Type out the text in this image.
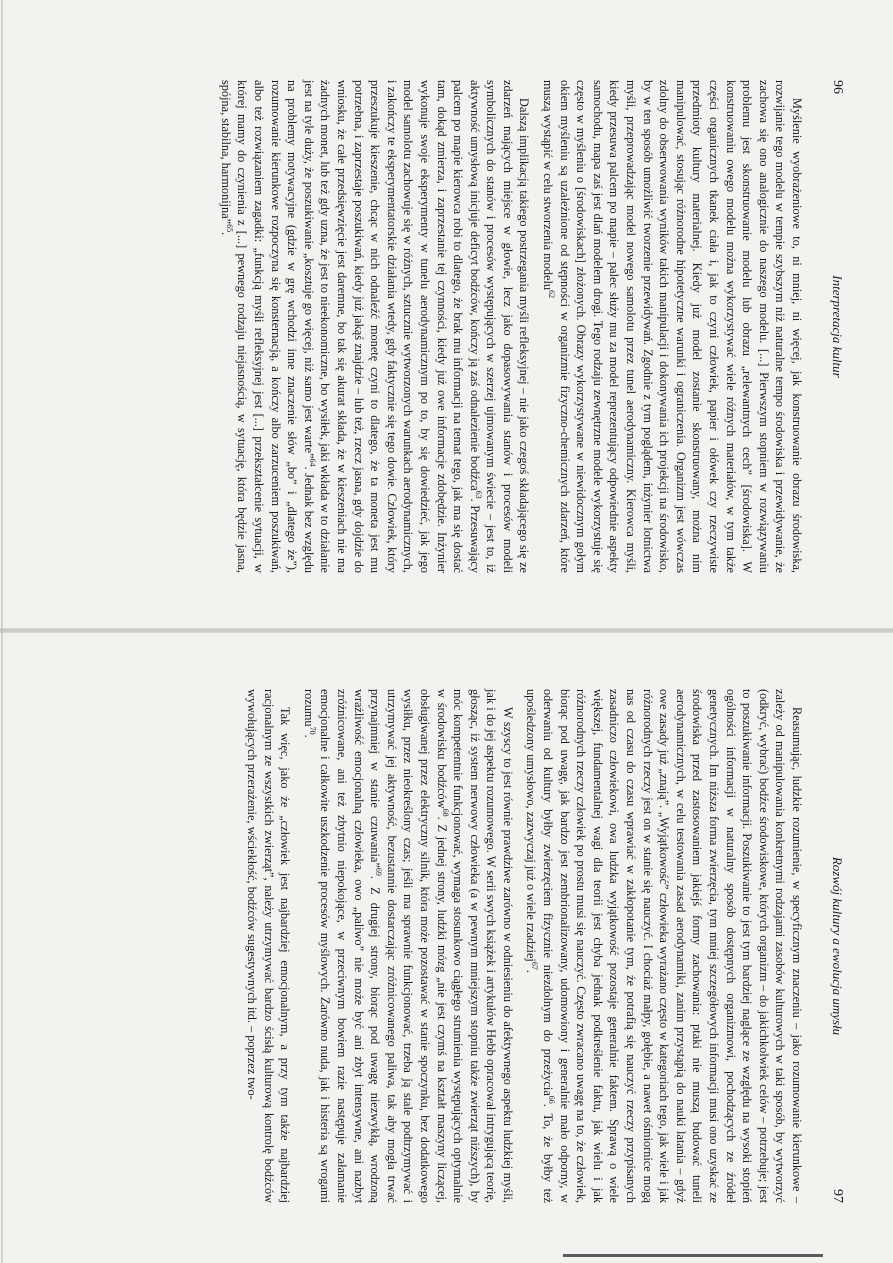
96
Interpretacja kultur

Myślenie wyobrażeniowe to, ni mniej, ni więcej, jak konstruowanie obrazu środowiska, rozwijanie tego modelu w tempie szybszym niż naturalne tempo środowiska i przewidywanie, że zachowa się ono analogicznie do naszego modelu. [...] Pierwszym stopniem w rozwiązywaniu problemu jest skonstruowanie modelu lub obrazu „relewantnych cech” [środowiska]. W konstruowaniu owego modelu można wykorzystywać wiele różnych materiałów, w tym także części organicznych tkanek ciała i, jak to czyni człowiek, papier i ołówek czy rzeczywiste przedmioty kultury materialnej. Kiedy już model zostanie skonstruowany, można nim manipulować, stosując różnorodne hipotetyczne warunki i ograniczenia. Organizm jest wówczas zdolny do obserwowania wyników takich manipulacji i dokonywania ich projekcji na środowisko, by w ten sposób umożliwić tworzenie przewidywań. Zgodnie z tym poglądem, inżynier lotnictwa myśli, przeprowadzając model nowego samolotu przez tunel aerodynamiczny. Kierowca myśli, kiedy przesuwa palcem po mapie – palec służy mu za model reprezentujący odpowiednie aspekty samochodu, mapa zaś jest dlań modelem drogi. Tego rodzaju zewnętrzne modele wykorzystuje się często w myśleniu o [środowiskach] złożonych. Obrazy wykorzystywane w niewidocznym gołym okiem myśleniu są uzależnione od stępności w organizmie fizyczno-chemicznych zdarzeń, które muszą wystąpić w celu stworzenia modelu$^{62}$

Dalszą implikacją takiego postrzegania myśli refleksyjnej – nie jako czegoś składającego się ze zdarzeń mających miejsce w głowie, lecz jako dopasowywania stanów i procesów modeli symbolicznych do stanów i procesów występujących w szerzej ujmowanym świecie – jest to, iż aktywność umysłową inicjuje deficyt bodźców, kończy ją zaś odnalezienie bodźca$^{63}$. Przesuwający palcem po mapie kierowca robi to dlatego, że brak mu informacji na temat tego, jak ma się dostać tam, dokąd zmierza, i zaprzestanie tej czynności, kiedy już owe informacje zdobędzie. Inżynier wykonuje swoje eksperymenty w tunelu aerodynamicznym po to, by się dowiedzieć, jak jego model samolotu zachowuje się w różnych, sztucznie wytworzonych warunkach aerodynamicznych, i zakończy te eksperymentatorskie działania wtedy, gdy faktycznie się tego dowie. Człowiek, który przeszukuje kieszenie, chcąc w nich odnaleźć monetę czyni to dlatego, że ta moneta jest mu potrzebna, i zaprzestaje poszukiwań, kiedy już jakąś znajdzie – lub też, rzecz jasna, gdy dojdzie do wniosku, że całe przedsięwzięcie jest daremne, bo tak się akurat składa, że w kieszeniach nie ma żadnych monet, lub też gdy uzna, że jest to nieekonomiczne, bo wysiłek, jaki wkłada w to działanie jest na tyle duży, że poszukiwanie „kosztuje go więcej, niż samo jest warte”$^{64}$. Jednak bez względu na problemy motywacyjne (gdzie w grę wchodzi inne znaczenie słów „bo” i „dlatego że”), rozumowanie kierunkowe rozpoczyna się konsternacją, a kończy albo zarzuceniem poszukiwań, albo też rozwiązaniem zagadki: „funkcją myśli refleksyjnej jest [...] przekształcenie sytuacji, w której mamy do czynienia z [...] pewnego rodzaju niejasnością, w sytuację, która będzie jasna, spójna, stabilna, harmonijna”$^{65}$.

Rozwój kultury a ewolucja umysłu
97

Reasumując, ludzkie rozumienie, w specyficznym znaczeniu – jako rozumowanie kierunkowe – zależy od manipulowania konkretnymi rodzajami zasobów kulturowych w taki sposób, by wytworzyć (odkryć, wybrać) bodźce środowiskowe, których organizm – do jakichkolwiek celów – potrzebuje; jest to poszukiwanie informacji. Poszukiwanie to jest tym bardziej naglące ze względu na wysoki stopień ogólności informacji w naturalny sposób dostępnych organizmowi, pochodzących ze źródeł genetycznych. Im niższa forma zwierzęcia, tym mniej szczegółowych informacji musi ono uzyskać ze środowiska przed zastosowaniem jakiejś formy zachowania: ptaki nie muszą budować tuneli aerodynamicznych, w celu testowania zasad aerodynamiki, zanim przystąpią do nauki latania – gdyż owe zasady już „znają”. „Wyjątkowość” człowieka wyrażano często w kategoriach tego, jak wiele i jak różnorodnych rzeczy jest on w stanie się nauczyć. I chociaż małpy, gołębie, a nawet ośmiornice mogą nas od czasu do czasu wprawiać w zakłopotanie tym, że potrafią się nauczyć rzeczy przypisanych zasadniczo człowiekowi, owa ludzka wyjątkowość pozostaje generalnie faktem. Sprawą o wiele większej, fundamentalnej wagi dla teorii jest chyba jednak podkreślenie faktu, jak wielu i jak różnorodnych rzeczy człowiek po prostu musi się nauczyć. Często zwracano uwagę na to, że człowiek, biorąc pod uwagę, jak bardzo jest zembrionalizowany, udomowiony i generalnie mało odporny, w oderwaniu od kultury byłby zwierzęciem fizycznie niezdolnym do przeżycia$^{66}$. To, że byłby też upośledzony umysłowo, zazwyczaj już o wiele rzadziej$^{67}$.

W szyscy to jest równie prawdziwe zarówno w odniesieniu do afektywnego aspektu ludzkiej myśli, jak i do jej aspektu rozumowego. W serii swych książek i artykułów Hebb opracował intrygującą teorię, głosząc, iż system nerwowy człowieka (a w pewnym mniejszym stopniu także zwierząt niższych), by móc kompetentnie funkcjonować, wymaga stosunkowo ciągłego strumienia występujących optymalnie w środowisku bodźców$^{68}$. Z jednej strony, ludzki mózg „nie jest czymś na kształt maszyny liczącej, obsługiwanej przez elektryczny silnik, która może pozostawać w stanie spoczynku, bez dodatkowego wysiłku, przez nieokreślony czas; jeśli ma sprawnie funkcjonować, trzeba ją stale podtrzymywać i utrzymywać jej aktywność, bezustannie dostarczając zróżnicowanego paliwa, tak aby mogła trwać przynajmniej w stanie czuwania”$^{69}$. Z drugiej strony, biorąc pod uwagę niezwykłą, wrodzoną wrażliwość emocjonalną człowieka, owo „paliwo” nie może być ani zbyt intensywne, ani nazbyt zróżnicowane, ani też zbytnio niepokojące, w przeciwnym bowiem razie następuje załamanie emocjonalne i całkowite uszkodzenie procesów myślowych. Zarówno nuda, jak i histeria są wrogami rozumu$^{70}$.

Tak więc, jako że „człowiek jest najbardziej emocjonalnym, a przy tym także najbardziej racjonalnym ze wszystkich zwierząt”, należy utrzymywać bardzo ścisłą kulturową kontrolę bodźców wywołujących przerażenie, wściekłość, bodźców sugestywnych itd. – poprzez two-
